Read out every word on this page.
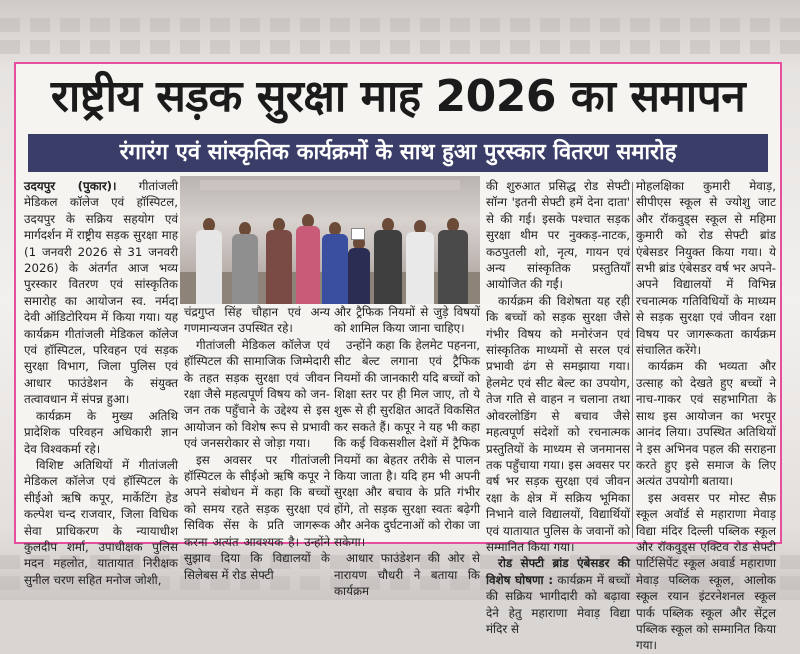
राष्ट्रीय सड़क सुरक्षा माह 2026 का समापन
रंगारंग एवं सांस्कृतिक कार्यक्रमों के साथ हुआ पुरस्कार वितरण समारोह

उदयपुर (पुकार)। गीतांजली मेडिकल कॉलेज एवं हॉस्पिटल, उदयपुर के सक्रिय सहयोग एवं मार्गदर्शन में राष्ट्रीय सड़क सुरक्षा माह (1 जनवरी 2026 से 31 जनवरी 2026) के अंतर्गत आज भव्य पुरस्कार वितरण एवं सांस्कृतिक समारोह का आयोजन स्व. नर्मदा देवी ऑडिटोरियम में किया गया। यह कार्यक्रम गीतांजली मेडिकल कॉलेज एवं हॉस्पिटल, परिवहन एवं सड़क सुरक्षा विभाग, जिला पुलिस एवं आधार फाउंडेशन के संयुक्त तत्वावधान में संपन्न हुआ।

कार्यक्रम के मुख्य अतिथि प्रादेशिक परिवहन अधिकारी ज्ञान देव विश्वकर्मा रहे।

विशिष्ट अतिथियों में गीतांजली मेडिकल कॉलेज एवं हॉस्पिटल के सीईओ ऋषि कपूर, मार्केटिंग हेड कल्पेश चन्द राजवार, जिला विधिक सेवा प्राधिकरण के न्यायाधीश कुलदीप शर्मा, उपाधीक्षक पुलिस मदन महलोत, यातायात निरीक्षक सुनील चरण सहित मनोज जोशी,

चंद्रगुप्त सिंह चौहान एवं अन्य गणमान्यजन उपस्थित रहे।

गीतांजली मेडिकल कॉलेज एवं हॉस्पिटल की सामाजिक जिम्मेदारी के तहत सड़क सुरक्षा एवं जीवन रक्षा जैसे महत्वपूर्ण विषय को जन-जन तक पहुँचाने के उद्देश्य से इस आयोजन को विशेष रूप से प्रभावी एवं जनसरोकार से जोड़ा गया।

इस अवसर पर गीतांजली हॉस्पिटल के सीईओ ऋषि कपूर ने अपने संबोधन में कहा कि बच्चों को समय रहते सड़क सुरक्षा एवं सिविक सेंस के प्रति जागरूक करना अत्यंत आवश्यक है। उन्होंने सुझाव दिया कि विद्यालयों के सिलेबस में रोड सेफ्टी

और ट्रैफिक नियमों से जुड़े विषयों को शामिल किया जाना चाहिए।

उन्होंने कहा कि हेलमेट पहनना, सीट बेल्ट लगाना एवं ट्रैफिक नियमों की जानकारी यदि बच्चों को शिक्षा स्तर पर ही मिल जाए, तो ये शुरू से ही सुरक्षित आदतें विकसित कर सकते हैं। कपूर ने यह भी कहा कि कई विकसशील देशों में ट्रैफिक नियमों का बेहतर तरीके से पालन किया जाता है। यदि हम भी अपनी सुरक्षा और बचाव के प्रति गंभीर होंगे, तो सड़क सुरक्षा स्वतः बढ़ेगी और अनेक दुर्घटनाओं को रोका जा सकेगा।

आधार फाउंडेशन की ओर से नारायण चौधरी ने बताया कि कार्यक्रम

की शुरुआत प्रसिद्ध रोड सेफ्टी सॉन्ग 'इतनी सेफ्टी हमें देना दाता' से की गई। इसके पश्चात सड़क सुरक्षा थीम पर नुक्कड़-नाटक, कठपुतली शो, नृत्य, गायन एवं अन्य सांस्कृतिक प्रस्तुतियाँ आयोजित की गईं।

कार्यक्रम की विशेषता यह रही कि बच्चों को सड़क सुरक्षा जैसे गंभीर विषय को मनोरंजन एवं सांस्कृतिक माध्यमों से सरल एवं प्रभावी ढंग से समझाया गया। हेलमेट एवं सीट बेल्ट का उपयोग, तेज गति से वाहन न चलाना तथा ओवरलोडिंग से बचाव जैसे महत्वपूर्ण संदेशों को रचनात्मक प्रस्तुतियों के माध्यम से जनमानस तक पहुँचाया गया। इस अवसर पर वर्ष भर सड़क सुरक्षा एवं जीवन रक्षा के क्षेत्र में सक्रिय भूमिका निभाने वाले विद्यालयों, विद्यार्थियों एवं यातायात पुलिस के जवानों को सम्मानित किया गया।

रोड सेफ्टी ब्रांड एंबेसडर की विशेष घोषणा : कार्यक्रम में बच्चों की सक्रिय भागीदारी को बढ़ावा देने हेतु महाराणा मेवाड़ विद्या मंदिर से

मोहलक्षिका कुमारी मेवाड़, सीपीएस स्कूल से ज्योशु जाट और रॉकवुड्स स्कूल से महिमा कुमारी को रोड सेफ्टी ब्रांड एंबेसडर नियुक्त किया गया। ये सभी ब्रांड एंबेसडर वर्ष भर अपने-अपने विद्यालयों में विभिन्न रचनात्मक गतिविधियों के माध्यम से सड़क सुरक्षा एवं जीवन रक्षा विषय पर जागरूकता कार्यक्रम संचालित करेंगे।

कार्यक्रम की भव्यता और उत्साह को देखते हुए बच्चों ने नाच-गाकर एवं सहभागिता के साथ इस आयोजन का भरपूर आनंद लिया। उपस्थित अतिथियों ने इस अभिनव पहल की सराहना करते हुए इसे समाज के लिए अत्यंत उपयोगी बताया।

इस अवसर पर मोस्ट सैफ़ स्कूल अवॉर्ड से महाराणा मेवाड़ विद्या मंदिर दिल्ली पब्लिक स्कूल और रॉकवुड्स एक्टिव रोड सेफ्टी पार्टिसिपेंट स्कूल अवार्ड महाराणा मेवाड़ पब्लिक स्कूल, आलोक स्कूल रयान इंटरनेशनल स्कूल पार्क पब्लिक स्कूल और सेंट्रल पब्लिक स्कूल को सम्मानित किया गया।
